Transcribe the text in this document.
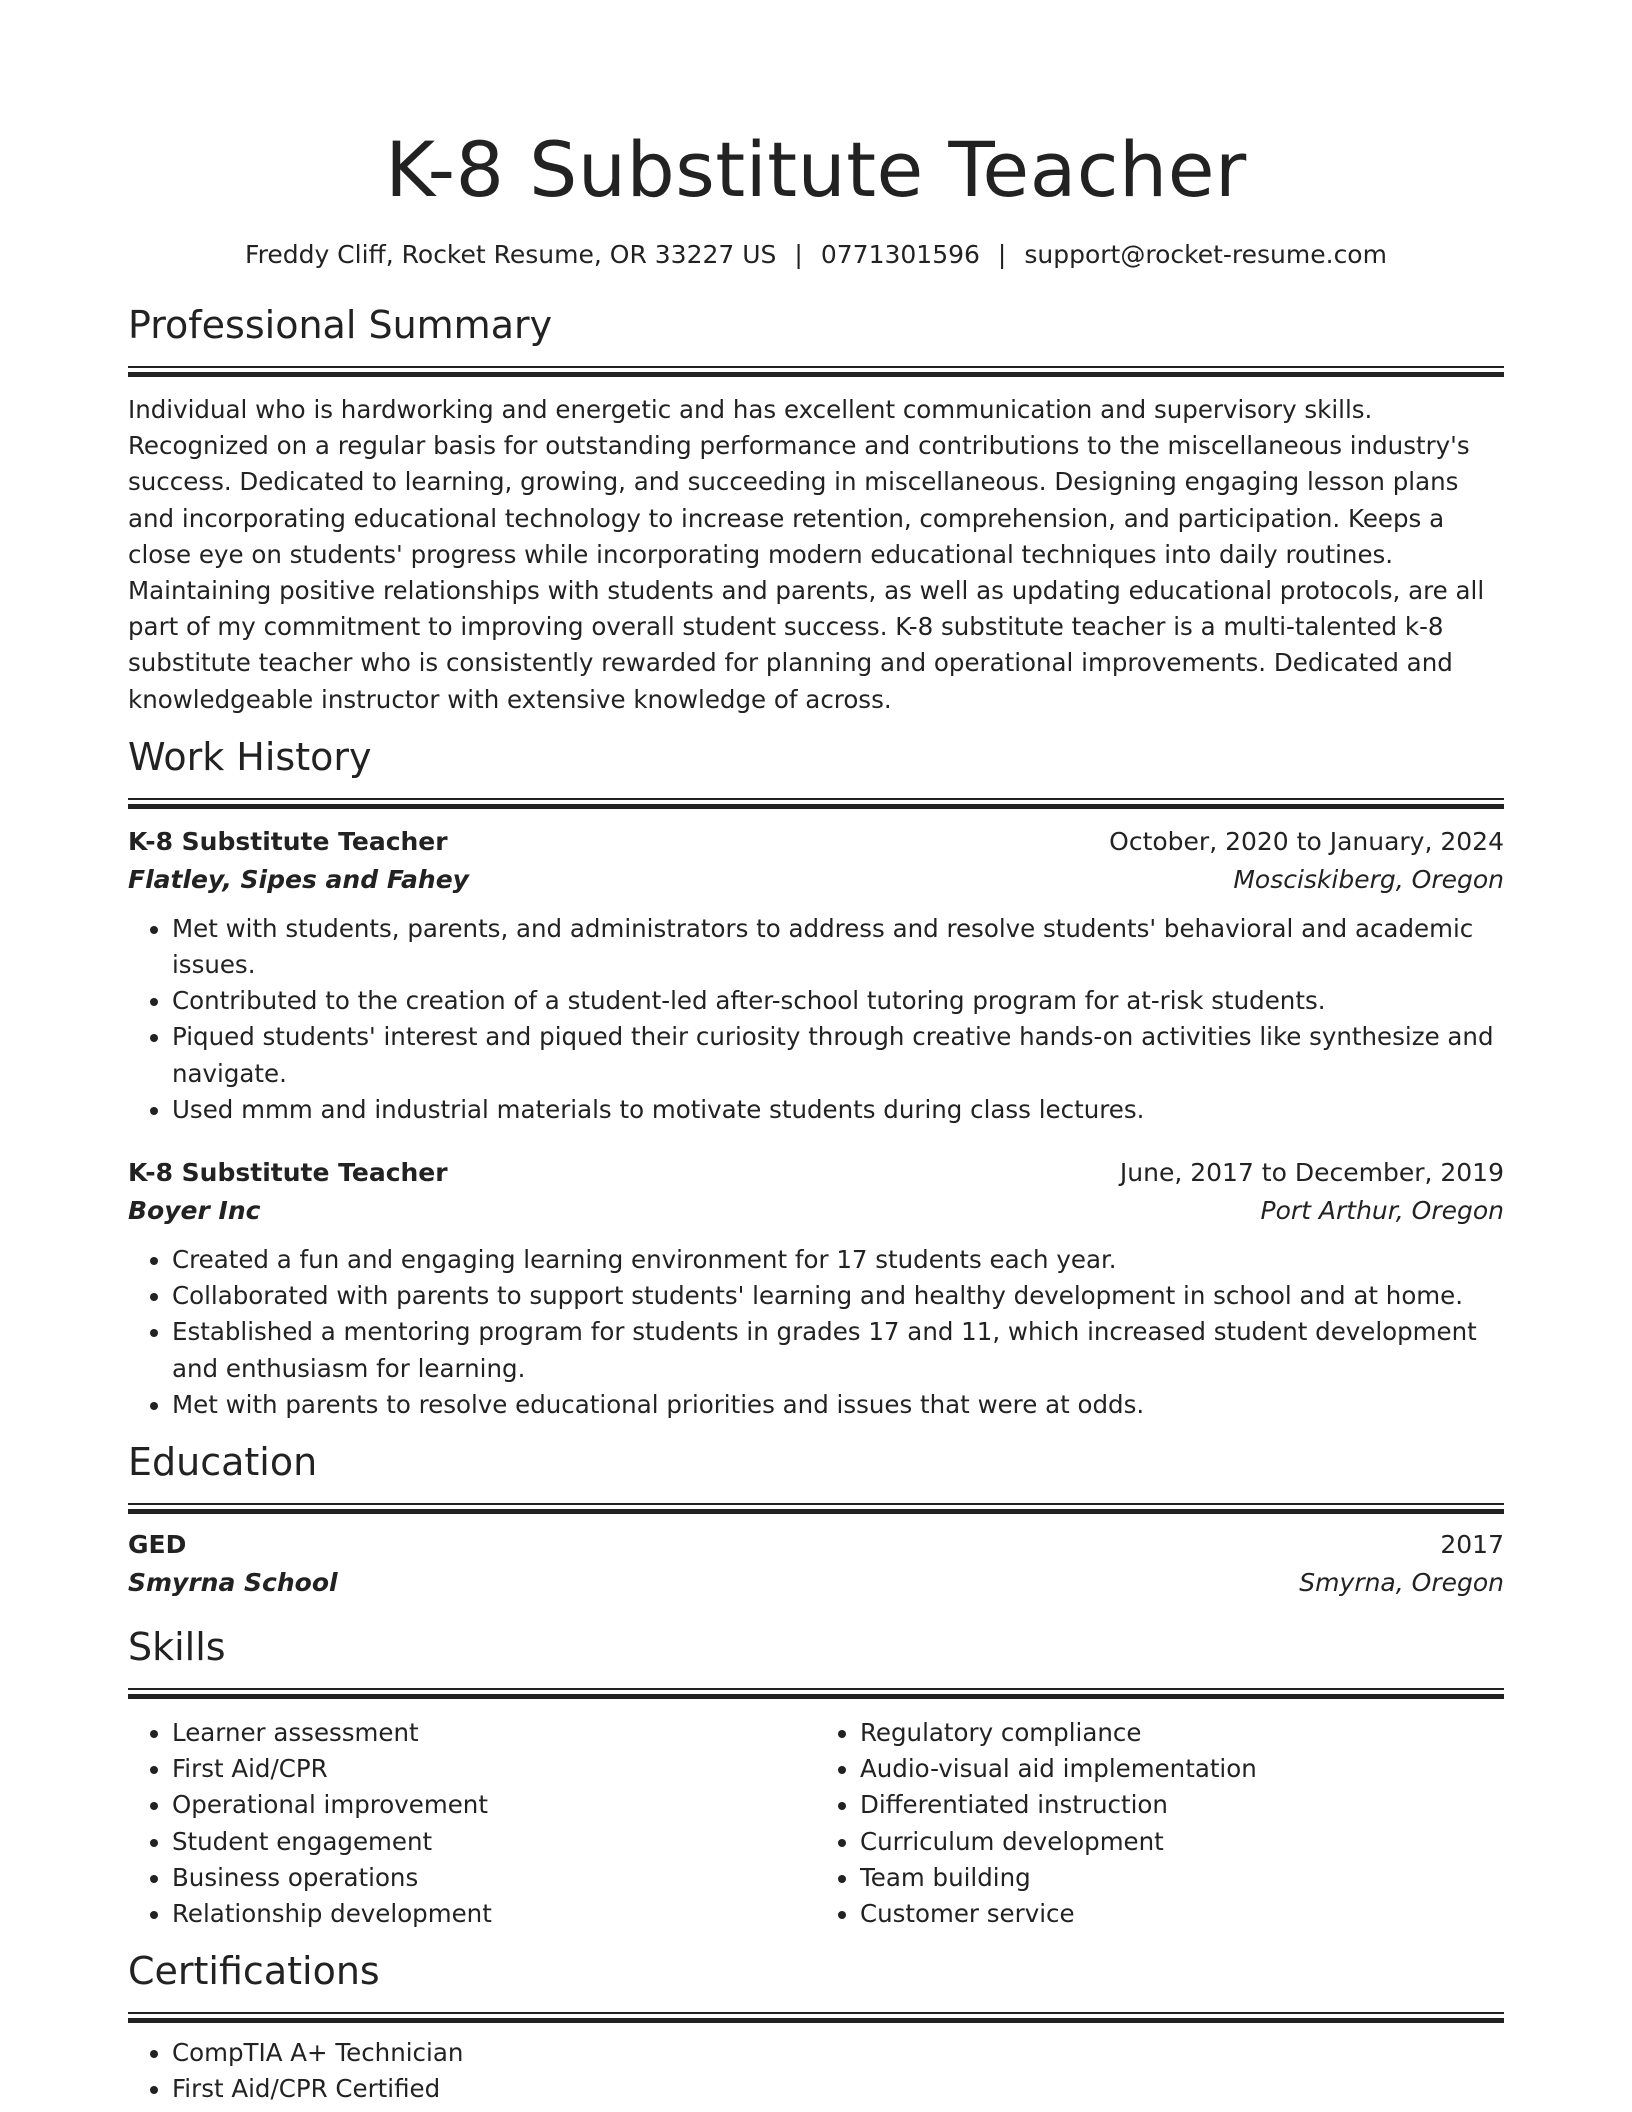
K-8 Substitute Teacher
Freddy Cliff, Rocket Resume, OR 33227 US | 0771301596 | support@rocket-resume.com
Professional Summary
Individual who is hardworking and energetic and has excellent communication and supervisory skills. Recognized on a regular basis for outstanding performance and contributions to the miscellaneous industry's success. Dedicated to learning, growing, and succeeding in miscellaneous. Designing engaging lesson plans and incorporating educational technology to increase retention, comprehension, and participation. Keeps a close eye on students' progress while incorporating modern educational techniques into daily routines. Maintaining positive relationships with students and parents, as well as updating educational protocols, are all part of my commitment to improving overall student success. K-8 substitute teacher is a multi-talented k-8 substitute teacher who is consistently rewarded for planning and operational improvements. Dedicated and knowledgeable instructor with extensive knowledge of across.
Work History
K-8 Substitute Teacher	October, 2020 to January, 2024
Flatley, Sipes and Fahey	Mosciskiberg, Oregon
• Met with students, parents, and administrators to address and resolve students' behavioral and academic issues.
• Contributed to the creation of a student-led after-school tutoring program for at-risk students.
• Piqued students' interest and piqued their curiosity through creative hands-on activities like synthesize and navigate.
• Used mmm and industrial materials to motivate students during class lectures.
K-8 Substitute Teacher	June, 2017 to December, 2019
Boyer Inc	Port Arthur, Oregon
• Created a fun and engaging learning environment for 17 students each year.
• Collaborated with parents to support students' learning and healthy development in school and at home.
• Established a mentoring program for students in grades 17 and 11, which increased student development and enthusiasm for learning.
• Met with parents to resolve educational priorities and issues that were at odds.
Education
GED	2017
Smyrna School	Smyrna, Oregon
Skills
• Learner assessment
• First Aid/CPR
• Operational improvement
• Student engagement
• Business operations
• Relationship development
• Regulatory compliance
• Audio-visual aid implementation
• Differentiated instruction
• Curriculum development
• Team building
• Customer service
Certifications
• CompTIA A+ Technician
• First Aid/CPR Certified
